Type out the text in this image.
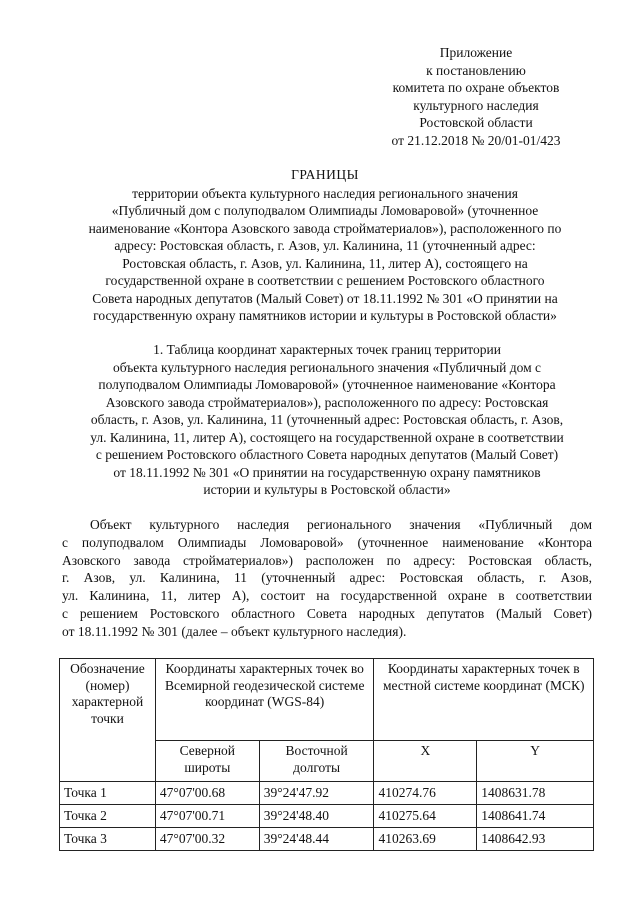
Приложение
к постановлению
комитета по охране объектов
культурного наследия
Ростовской области
от 21.12.2018 № 20/01-01/423
ГРАНИЦЫ
территории объекта культурного наследия регионального значения
«Публичный дом с полуподвалом Олимпиады Ломоваровой» (уточненное
наименование «Контора Азовского завода стройматериалов»), расположенного по
адресу: Ростовская область, г. Азов, ул. Калинина, 11 (уточненный адрес:
Ростовская область, г. Азов, ул. Калинина, 11, литер А), состоящего на
государственной охране в соответствии с решением Ростовского областного
Совета народных депутатов (Малый Совет) от 18.11.1992 № 301 «О принятии на
государственную охрану памятников истории и культуры в Ростовской области»
1. Таблица координат характерных точек границ территории
объекта культурного наследия регионального значения «Публичный дом с
полуподвалом Олимпиады Ломоваровой» (уточненное наименование «Контора
Азовского завода стройматериалов»), расположенного по адресу: Ростовская
область, г. Азов, ул. Калинина, 11 (уточненный адрес: Ростовская область, г. Азов,
ул. Калинина, 11, литер А), состоящего на государственной охране в соответствии
с решением Ростовского областного Совета народных депутатов (Малый Совет)
от 18.11.1992 № 301 «О принятии на государственную охрану памятников
истории и культуры в Ростовской области»
Объект культурного наследия регионального значения «Публичный дом
с полуподвалом Олимпиады Ломоваровой» (уточненное наименование «Контора
Азовского завода стройматериалов») расположен по адресу: Ростовская область,
г. Азов, ул. Калинина, 11 (уточненный адрес: Ростовская область, г. Азов,
ул. Калинина, 11, литер А), состоит на государственной охране в соответствии
с решением Ростовского областного Совета народных депутатов (Малый Совет)
от 18.11.1992 № 301 (далее – объект культурного наследия).
Обозначение (номер) характерной точки	Координаты характерных точек во Всемирной геодезической системе координат (WGS-84)		Координаты характерных точек в местной системе координат (МСК)	
	Северной широты	Восточной долготы	X	Y
Точка 1	47°07'00.68	39°24'47.92	410274.76	1408631.78
Точка 2	47°07'00.71	39°24'48.40	410275.64	1408641.74
Точка 3	47°07'00.32	39°24'48.44	410263.69	1408642.93
